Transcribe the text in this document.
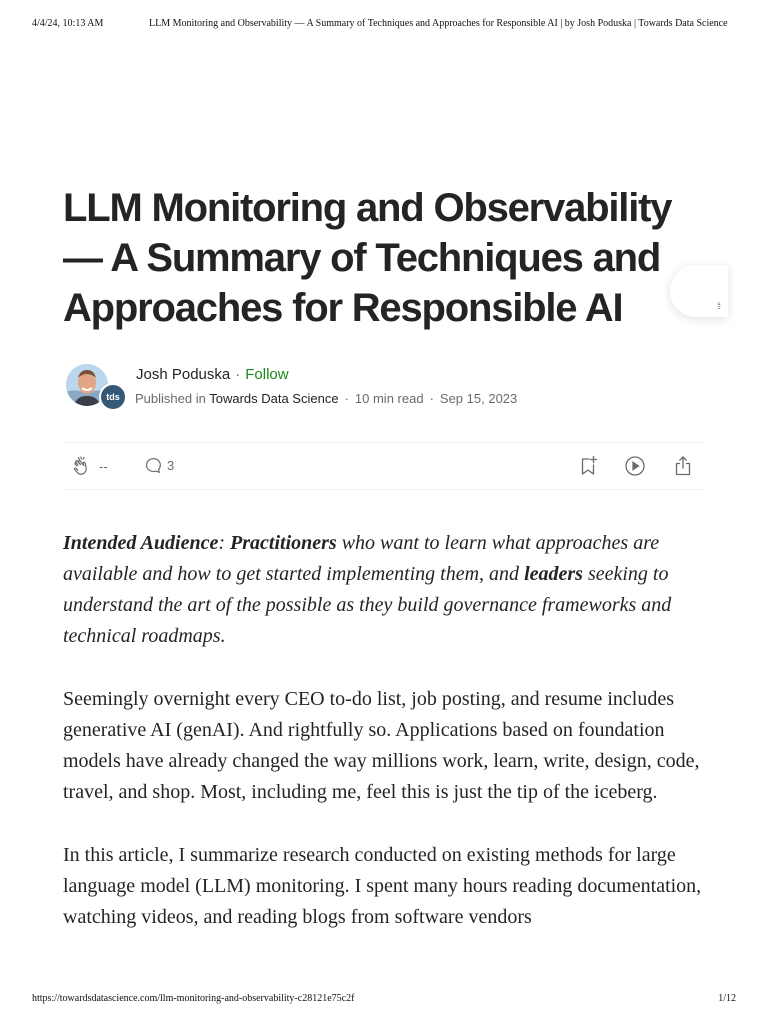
4/4/24, 10:13 AM	LLM Monitoring and Observability — A Summary of Techniques and Approaches for Responsible AI | by Josh Poduska | Towards Data Science
LLM Monitoring and Observability — A Summary of Techniques and Approaches for Responsible AI	⁞⁞
tds
Josh Poduska · Follow
Published in Towards Data Science · 10 min read · Sep 15, 2023
--	3

Intended Audience: Practitioners who want to learn what approaches are available and how to get started implementing them, and leaders seeking to understand the art of the possible as they build governance frameworks and technical roadmaps.

Seemingly overnight every CEO to-do list, job posting, and resume includes generative AI (genAI). And rightfully so. Applications based on foundation models have already changed the way millions work, learn, write, design, code, travel, and shop. Most, including me, feel this is just the tip of the iceberg.

In this article, I summarize research conducted on existing methods for large language model (LLM) monitoring. I spent many hours reading documentation, watching videos, and reading blogs from software vendors

https://towardsdatascience.com/llm-monitoring-and-observability-c28121e75c2f	1/12
